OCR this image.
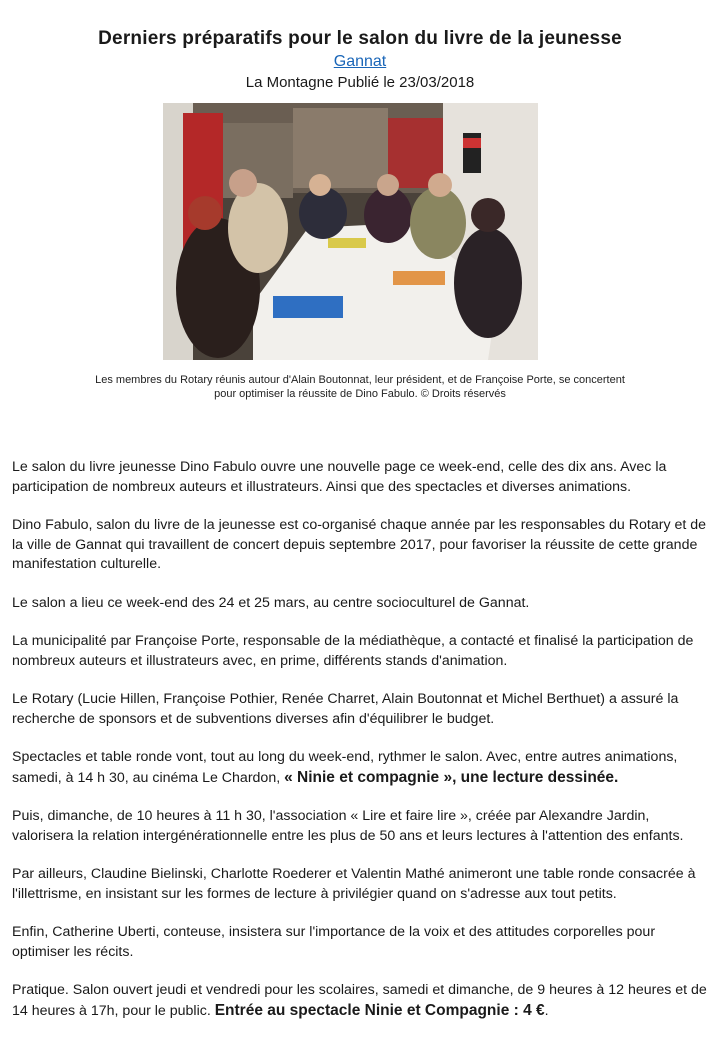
Derniers préparatifs pour le salon du livre de la jeunesse
Gannat
La Montagne Publié le 23/03/2018
Les membres du Rotary réunis autour d'Alain Boutonnat, leur président, et de Françoise Porte, se concertent
pour optimiser la réussite de Dino Fabulo. © Droits réservés

Le salon du livre jeunesse Dino Fabulo ouvre une nouvelle page ce week-end, celle des dix ans. Avec la participation de nombreux auteurs et illustrateurs. Ainsi que des spectacles et diverses animations.

Dino Fabulo, salon du livre de la jeunesse est co-organisé chaque année par les responsables du Rotary et de la ville de Gannat qui travaillent de concert depuis septembre 2017, pour favoriser la réussite de cette grande manifestation culturelle.

Le salon a lieu ce week-end des 24 et 25 mars, au centre socioculturel de Gannat.

La municipalité par Françoise Porte, responsable de la médiathèque, a contacté et finalisé la participation de nombreux auteurs et illustrateurs avec, en prime, différents stands d'animation.

Le Rotary (Lucie Hillen, Françoise Pothier, Renée Charret, Alain Boutonnat et Michel Berthuet) a assuré la recherche de sponsors et de subventions diverses afin d'équilibrer le budget.

Spectacles et table ronde vont, tout au long du week-end, rythmer le salon. Avec, entre autres animations, samedi, à 14 h 30, au cinéma Le Chardon, « Ninie et compagnie », une lecture dessinée.

Puis, dimanche, de 10 heures à 11 h 30, l'association « Lire et faire lire », créée par Alexandre Jardin, valorisera la relation intergénérationnelle entre les plus de 50 ans et leurs lectures à l'attention des enfants.

Par ailleurs, Claudine Bielinski, Charlotte Roederer et Valentin Mathé animeront une table ronde consacrée à l'illettrisme, en insistant sur les formes de lecture à privilégier quand on s'adresse aux tout petits.

Enfin, Catherine Uberti, conteuse, insistera sur l'importance de la voix et des attitudes corporelles pour optimiser les récits.

Pratique. Salon ouvert jeudi et vendredi pour les scolaires, samedi et dimanche, de 9 heures à 12 heures et de 14 heures à 17h, pour le public. Entrée au spectacle Ninie et Compagnie : 4 €.
